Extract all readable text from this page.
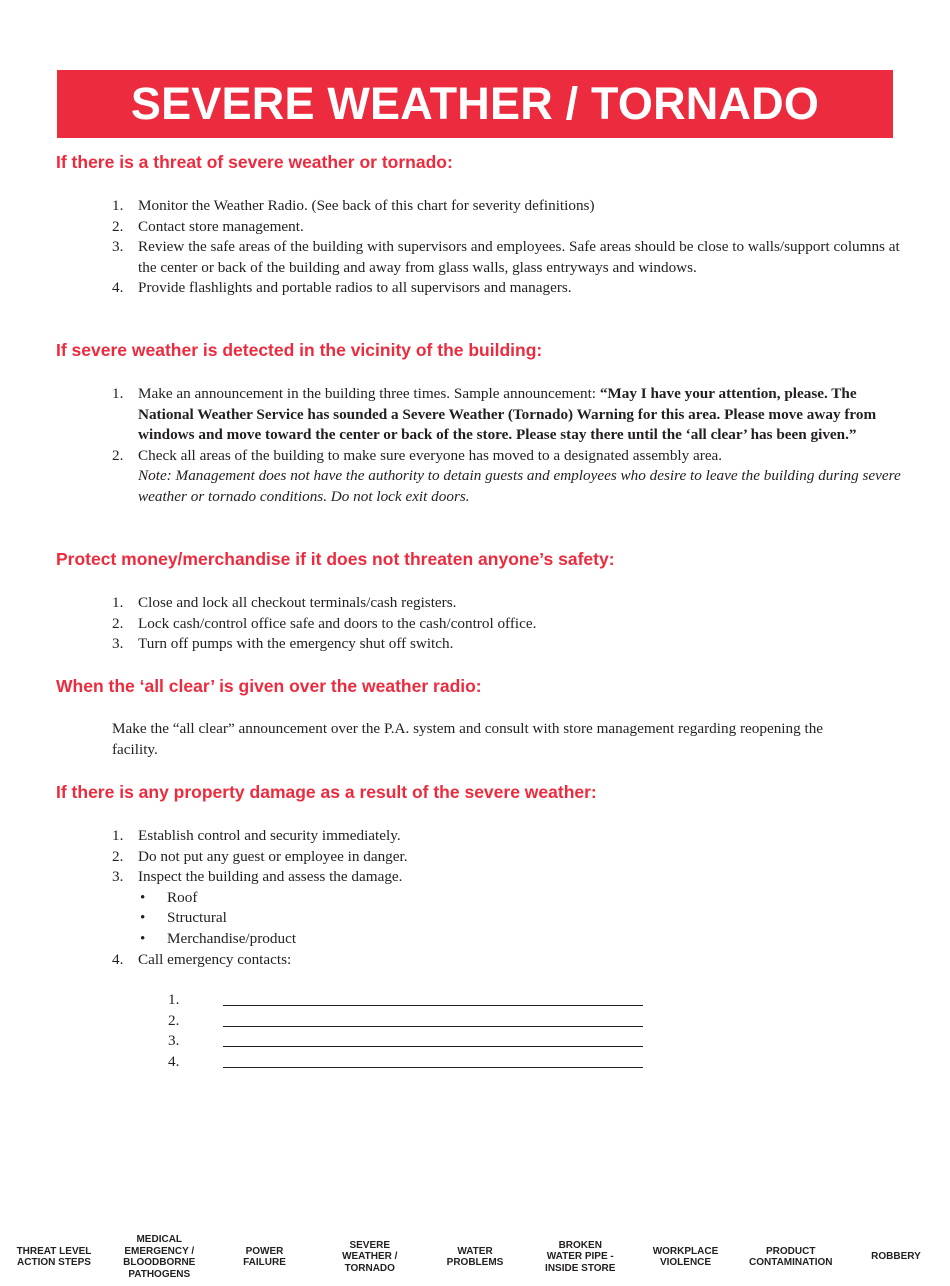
SEVERE WEATHER / TORNADO
If there is a threat of severe weather or tornado:
1. Monitor the Weather Radio. (See back of this chart for severity definitions)
2. Contact store management.
3. Review the safe areas of the building with supervisors and employees. Safe areas should be close to walls/support columns at the center or back of the building and away from glass walls, glass entryways and windows.
4. Provide flashlights and portable radios to all supervisors and managers.
If severe weather is detected in the vicinity of the building:
1. Make an announcement in the building three times. Sample announcement: “May I have your attention, please. The National Weather Service has sounded a Severe Weather (Tornado) Warning for this area. Please move away from windows and move toward the center or back of the store. Please stay there until the ‘all clear’ has been given.”
2. Check all areas of the building to make sure everyone has moved to a designated assembly area.
Note: Management does not have the authority to detain guests and employees who desire to leave the building during severe weather or tornado conditions. Do not lock exit doors.
Protect money/merchandise if it does not threaten anyone’s safety:
1. Close and lock all checkout terminals/cash registers.
2. Lock cash/control office safe and doors to the cash/control office.
3. Turn off pumps with the emergency shut off switch.
When the ‘all clear’ is given over the weather radio:

Make the “all clear” announcement over the P.A. system and consult with store management regarding reopening the facility.

If there is any property damage as a result of the severe weather:
1. Establish control and security immediately.
2. Do not put any guest or employee in danger.
3. Inspect the building and assess the damage.
• Roof
• Structural
• Merchandise/product
4. Call emergency contacts:
1.
2.
3.
4.
THREAT LEVEL
ACTION STEPS
MEDICAL
EMERGENCY /
BLOODBORNE
PATHOGENS
POWER
FAILURE
SEVERE
WEATHER /
TORNADO
WATER
PROBLEMS
BROKEN
WATER PIPE -
INSIDE STORE
WORKPLACE
VIOLENCE
PRODUCT
CONTAMINATION
ROBBERY
